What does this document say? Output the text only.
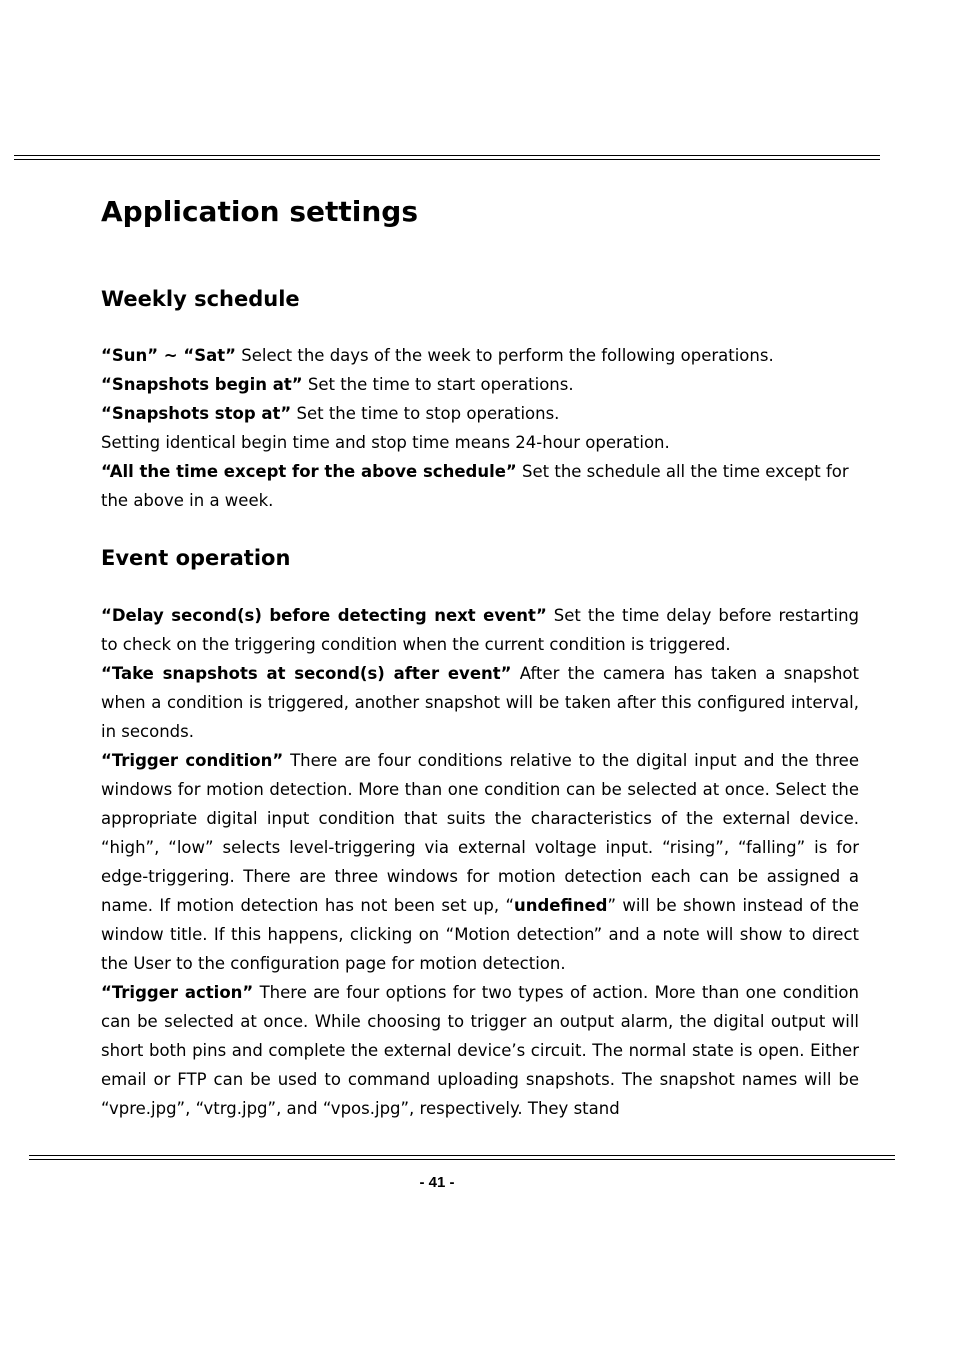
Application settings
Weekly schedule

“Sun” ~ “Sat” Select the days of the week to perform the following operations.

“Snapshots begin at” Set the time to start operations.

“Snapshots stop at” Set the time to stop operations.

Setting identical begin time and stop time means 24-hour operation.

“All the time except for the above schedule” Set the schedule all the time except for the above in a week.

Event operation

“Delay second(s) before detecting next event” Set the time delay before restarting to check on the triggering condition when the current condition is triggered.

“Take snapshots at second(s) after event” After the camera has taken a snapshot when a condition is triggered, another snapshot will be taken after this configured interval, in seconds.

“Trigger condition” There are four conditions relative to the digital input and the three windows for motion detection. More than one condition can be selected at once. Select the appropriate digital input condition that suits the characteristics of the external device. “high”, “low” selects level-triggering via external voltage input. “rising”, “falling” is for edge-triggering. There are three windows for motion detection each can be assigned a name. If motion detection has not been set up, “undefined” will be shown instead of the window title. If this happens, clicking on “Motion detection” and a note will show to direct the User to the configuration page for motion detection.

“Trigger action” There are four options for two types of action. More than one condition can be selected at once. While choosing to trigger an output alarm, the digital output will short both pins and complete the external device’s circuit. The normal state is open. Either email or FTP can be used to command uploading snapshots. The snapshot names will be “vpre.jpg”, “vtrg.jpg”, and “vpos.jpg”, respectively. They stand

- 41 -
